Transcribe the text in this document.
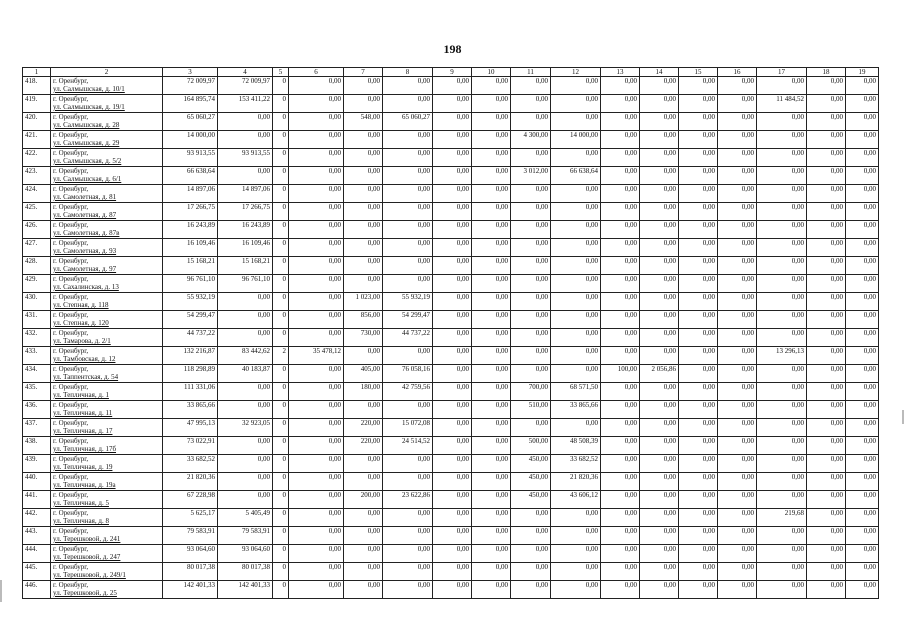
198
1	2	3	4	5	6	7	8	9	10	11	12	13	14	15	16	17	18	19
418.	г. Оренбург,
ул. Салмышская, д. 10/1	72 009,97	72 009,97	0	0,00	0,00	0,00	0,00	0,00	0,00	0,00	0,00	0,00	0,00	0,00	0,00	0,00	0,00
419.	г. Оренбург,
ул. Салмышская, д. 19/1	164 895,74	153 411,22	0	0,00	0,00	0,00	0,00	0,00	0,00	0,00	0,00	0,00	0,00	0,00	11 484,52	0,00	0,00
420.	г. Оренбург,
ул. Салмышская, д. 28	65 060,27	0,00	0	0,00	548,00	65 060,27	0,00	0,00	0,00	0,00	0,00	0,00	0,00	0,00	0,00	0,00	0,00
421.	г. Оренбург,
ул. Салмышская, д. 29	14 000,00	0,00	0	0,00	0,00	0,00	0,00	0,00	4 300,00	14 000,00	0,00	0,00	0,00	0,00	0,00	0,00	0,00
422.	г. Оренбург,
ул. Салмышская, д. 5/2	93 913,55	93 913,55	0	0,00	0,00	0,00	0,00	0,00	0,00	0,00	0,00	0,00	0,00	0,00	0,00	0,00	0,00
423.	г. Оренбург,
ул. Салмышская, д. 6/1	66 638,64	0,00	0	0,00	0,00	0,00	0,00	0,00	3 012,00	66 638,64	0,00	0,00	0,00	0,00	0,00	0,00	0,00
424.	г. Оренбург,
ул. Самолетная, д. 81	14 897,06	14 897,06	0	0,00	0,00	0,00	0,00	0,00	0,00	0,00	0,00	0,00	0,00	0,00	0,00	0,00	0,00
425.	г. Оренбург,
ул. Самолетная, д. 87	17 266,75	17 266,75	0	0,00	0,00	0,00	0,00	0,00	0,00	0,00	0,00	0,00	0,00	0,00	0,00	0,00	0,00
426.	г. Оренбург,
ул. Самолетная, д. 87в	16 243,89	16 243,89	0	0,00	0,00	0,00	0,00	0,00	0,00	0,00	0,00	0,00	0,00	0,00	0,00	0,00	0,00
427.	г. Оренбург,
ул. Самолетная, д. 93	16 109,46	16 109,46	0	0,00	0,00	0,00	0,00	0,00	0,00	0,00	0,00	0,00	0,00	0,00	0,00	0,00	0,00
428.	г. Оренбург,
ул. Самолетная, д. 97	15 168,21	15 168,21	0	0,00	0,00	0,00	0,00	0,00	0,00	0,00	0,00	0,00	0,00	0,00	0,00	0,00	0,00
429.	г. Оренбург,
ул. Сахалинская, д. 13	96 761,10	96 761,10	0	0,00	0,00	0,00	0,00	0,00	0,00	0,00	0,00	0,00	0,00	0,00	0,00	0,00	0,00
430.	г. Оренбург,
ул. Степная, д. 118	55 932,19	0,00	0	0,00	1 023,00	55 932,19	0,00	0,00	0,00	0,00	0,00	0,00	0,00	0,00	0,00	0,00	0,00
431.	г. Оренбург,
ул. Степная, д. 120	54 299,47	0,00	0	0,00	856,00	54 299,47	0,00	0,00	0,00	0,00	0,00	0,00	0,00	0,00	0,00	0,00	0,00
432.	г. Оренбург,
ул. Тамарова, д. 2/1	44 737,22	0,00	0	0,00	730,00	44 737,22	0,00	0,00	0,00	0,00	0,00	0,00	0,00	0,00	0,00	0,00	0,00
433.	г. Оренбург,
ул. Тамбовская, д. 12	132 216,87	83 442,62	2	35 478,12	0,00	0,00	0,00	0,00	0,00	0,00	0,00	0,00	0,00	0,00	13 296,13	0,00	0,00
434.	г. Оренбург,
ул. Таппентская, д. 54	118 298,89	40 183,87	0	0,00	405,00	76 058,16	0,00	0,00	0,00	0,00	100,00	2 056,86	0,00	0,00	0,00	0,00	0,00
435.	г. Оренбург,
ул. Тепличная, д. 1	111 331,06	0,00	0	0,00	180,00	42 759,56	0,00	0,00	700,00	68 571,50	0,00	0,00	0,00	0,00	0,00	0,00	0,00
436.	г. Оренбург,
ул. Тепличная, д. 11	33 865,66	0,00	0	0,00	0,00	0,00	0,00	0,00	510,00	33 865,66	0,00	0,00	0,00	0,00	0,00	0,00	0,00
437.	г. Оренбург,
ул. Тепличная, д. 17	47 995,13	32 923,05	0	0,00	220,00	15 072,08	0,00	0,00	0,00	0,00	0,00	0,00	0,00	0,00	0,00	0,00	0,00
438.	г. Оренбург,
ул. Тепличная, д. 17б	73 022,91	0,00	0	0,00	220,00	24 514,52	0,00	0,00	500,00	48 508,39	0,00	0,00	0,00	0,00	0,00	0,00	0,00
439.	г. Оренбург,
ул. Тепличная, д. 19	33 682,52	0,00	0	0,00	0,00	0,00	0,00	0,00	450,00	33 682,52	0,00	0,00	0,00	0,00	0,00	0,00	0,00
440.	г. Оренбург,
ул. Тепличная, д. 19а	21 820,36	0,00	0	0,00	0,00	0,00	0,00	0,00	450,00	21 820,36	0,00	0,00	0,00	0,00	0,00	0,00	0,00
441.	г. Оренбург,
ул. Тепличная, д. 5	67 228,98	0,00	0	0,00	200,00	23 622,86	0,00	0,00	450,00	43 606,12	0,00	0,00	0,00	0,00	0,00	0,00	0,00
442.	г. Оренбург,
ул. Тепличная, д. 8	5 625,17	5 405,49	0	0,00	0,00	0,00	0,00	0,00	0,00	0,00	0,00	0,00	0,00	0,00	219,68	0,00	0,00
443.	г. Оренбург,
ул. Терешковой, д. 241	79 583,91	79 583,91	0	0,00	0,00	0,00	0,00	0,00	0,00	0,00	0,00	0,00	0,00	0,00	0,00	0,00	0,00
444.	г. Оренбург,
ул. Терешковой, д. 247	93 064,60	93 064,60	0	0,00	0,00	0,00	0,00	0,00	0,00	0,00	0,00	0,00	0,00	0,00	0,00	0,00	0,00
445.	г. Оренбург,
ул. Терешковой, д. 249/1	80 017,38	80 017,38	0	0,00	0,00	0,00	0,00	0,00	0,00	0,00	0,00	0,00	0,00	0,00	0,00	0,00	0,00
446.	г. Оренбург,
ул. Терешковой, д. 25	142 401,33	142 401,33	0	0,00	0,00	0,00	0,00	0,00	0,00	0,00	0,00	0,00	0,00	0,00	0,00	0,00	0,00
